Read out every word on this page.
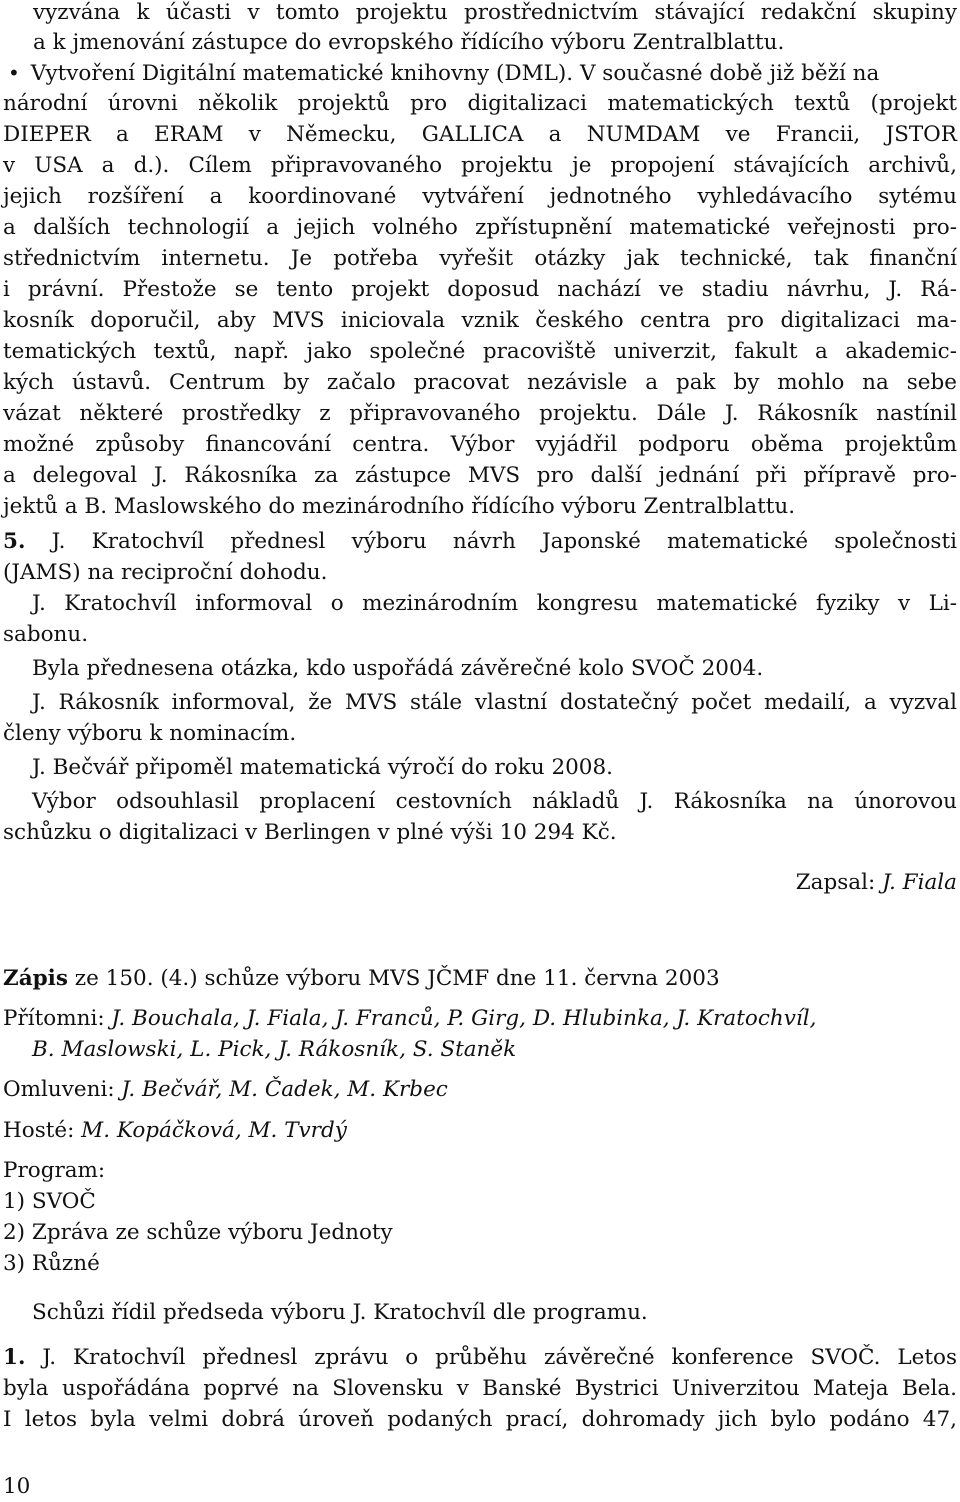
vyzvána k účasti v tomto projektu prostřednictvím stávající redakční skupiny
a k jmenování zástupce do evropského řídícího výboru Zentralblattu.
• Vytvoření Digitální matematické knihovny (DML). V současné době již běží na
národní úrovni několik projektů pro digitalizaci matematických textů (projekt
DIEPER a ERAM v Německu, GALLICA a NUMDAM ve Francii, JSTOR
v USA a d.). Cílem připravovaného projektu je propojení stávajících archivů,
jejich rozšíření a koordinované vytváření jednotného vyhledávacího sytému
a dalších technologií a jejich volného zpřístupnění matematické veřejnosti pro-
střednictvím internetu. Je potřeba vyřešit otázky jak technické, tak finanční
i právní. Přestože se tento projekt doposud nachází ve stadiu návrhu, J. Rá-
kosník doporučil, aby MVS iniciovala vznik českého centra pro digitalizaci ma-
tematických textů, např. jako společné pracoviště univerzit, fakult a akademic-
kých ústavů. Centrum by začalo pracovat nezávisle a pak by mohlo na sebe
vázat některé prostředky z připravovaného projektu. Dále J. Rákosník nastínil
možné způsoby financování centra. Výbor vyjádřil podporu oběma projektům
a delegoval J. Rákosníka za zástupce MVS pro další jednání při přípravě pro-
jektů a B. Maslowského do mezinárodního řídícího výboru Zentralblattu.
5. J. Kratochvíl přednesl výboru návrh Japonské matematické společnosti
(JAMS) na reciproční dohodu.
J. Kratochvíl informoval o mezinárodním kongresu matematické fyziky v Li-
sabonu.
Byla přednesena otázka, kdo uspořádá závěrečné kolo SVOČ 2004.
J. Rákosník informoval, že MVS stále vlastní dostatečný počet medailí, a vyzval
členy výboru k nominacím.
J. Bečvář připoměl matematická výročí do roku 2008.
Výbor odsouhlasil proplacení cestovních nákladů J. Rákosníka na únorovou
schůzku o digitalizaci v Berlingen v plné výši 10 294 Kč.
Zapsal: J. Fiala
Zápis ze 150. (4.) schůze výboru MVS JČMF dne 11. června 2003
Přítomni: J. Bouchala, J. Fiala, J. Franců, P. Girg, D. Hlubinka, J. Kratochvíl,
B. Maslowski, L. Pick, J. Rákosník, S. Staněk
Omluveni: J. Bečvář, M. Čadek, M. Krbec
Hosté: M. Kopáčková, M. Tvrdý
Program:
1) SVOČ
2) Zpráva ze schůze výboru Jednoty
3) Různé
Schůzi řídil předseda výboru J. Kratochvíl dle programu.
1. J. Kratochvíl přednesl zprávu o průběhu závěrečné konference SVOČ. Letos
byla uspořádána poprvé na Slovensku v Banské Bystrici Univerzitou Mateja Bela.
I letos byla velmi dobrá úroveň podaných prací, dohromady jich bylo podáno 47,
10
